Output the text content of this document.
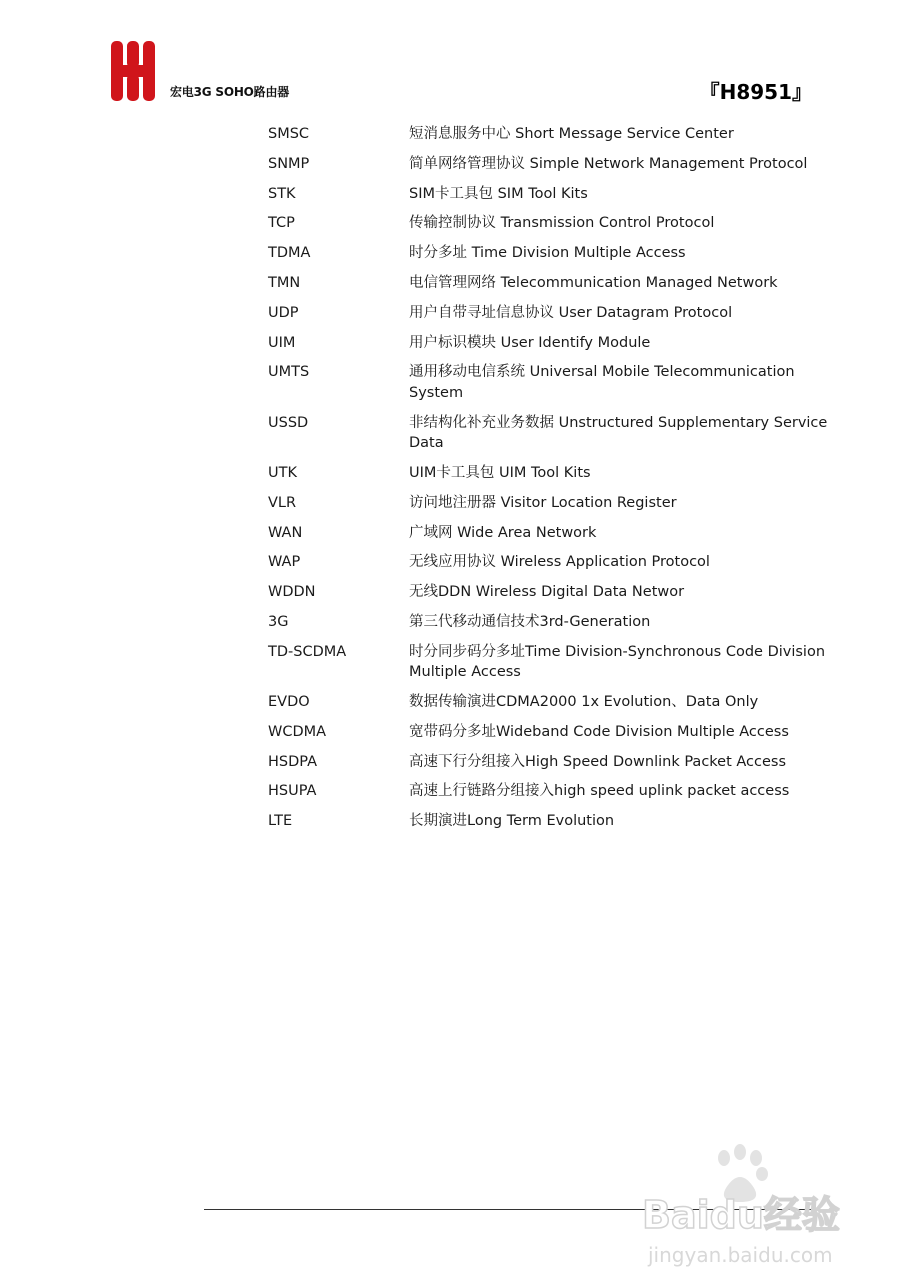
宏电3G SOHO路由器	『H8951』
SMSC	短消息服务中心 Short Message Service Center
SNMP	简单网络管理协议 Simple Network Management Protocol
STK	SIM卡工具包 SIM Tool Kits
TCP	传输控制协议 Transmission Control Protocol
TDMA	时分多址 Time Division Multiple Access
TMN	电信管理网络 Telecommunication Managed Network
UDP	用户自带寻址信息协议 User Datagram Protocol
UIM	用户标识模块 User Identify Module
UMTS	通用移动电信系统 Universal Mobile Telecommunication System
USSD	非结构化补充业务数据 Unstructured Supplementary Service Data
UTK	UIM卡工具包 UIM Tool Kits
VLR	访问地注册器 Visitor Location Register
WAN	广域网 Wide Area Network
WAP	无线应用协议 Wireless Application Protocol
WDDN	无线DDN Wireless Digital Data Networ
3G	第三代移动通信技术3rd-Generation
TD-SCDMA	时分同步码分多址Time Division-Synchronous Code Division Multiple Access
EVDO	数据传输演进CDMA2000 1x Evolution、Data Only
WCDMA	宽带码分多址Wideband Code Division Multiple Access
HSDPA	高速下行分组接入High Speed Downlink Packet Access
HSUPA	高速上行链路分组接入high speed uplink packet access
LTE	长期演进Long Term Evolution
Baidu经验
jingyan.baidu.com
